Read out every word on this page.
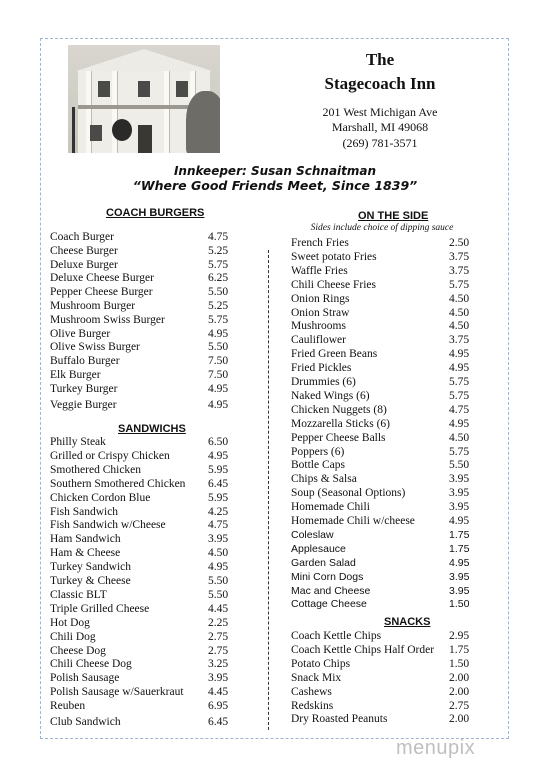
The
Stagecoach Inn
201 West Michigan Ave
Marshall, MI 49068
(269) 781-3571
Innkeeper: Susan Schnaitman
“Where Good Friends Meet, Since 1839”
COACH BURGERS
Coach Burger	4.75
Cheese Burger	5.25
Deluxe Burger	5.75
Deluxe Cheese Burger	6.25
Pepper Cheese Burger	5.50
Mushroom Burger	5.25
Mushroom Swiss Burger	5.75
Olive Burger	4.95
Olive Swiss Burger	5.50
Buffalo Burger	7.50
Elk Burger	7.50
Turkey Burger	4.95
Veggie Burger	4.95
SANDWICHS
Philly Steak	6.50
Grilled or Crispy Chicken	4.95
Smothered Chicken	5.95
Southern Smothered Chicken 6.45
Chicken Cordon Blue	5.95
Fish Sandwich	4.25
Fish Sandwich w/Cheese	4.75
Ham Sandwich	3.95
Ham & Cheese	4.50
Turkey Sandwich	4.95
Turkey & Cheese	5.50
Classic BLT	5.50
Triple Grilled Cheese	4.45
Hot Dog	2.25
Chili Dog	2.75
Cheese Dog	2.75
Chili Cheese Dog	3.25
Polish Sausage	3.95
Polish Sausage w/Sauerkraut 4.45
Reuben	6.95
Club Sandwich	6.45
ON THE SIDE
Sides include choice of dipping sauce
French Fries	2.50
Sweet potato Fries	3.75
Waffle Fries	3.75
Chili Cheese Fries	5.75
Onion Rings	4.50
Onion Straw	4.50
Mushrooms	4.50
Cauliflower	3.75
Fried Green Beans	4.95
Fried Pickles	4.95
Drummies (6)	5.75
Naked Wings (6)	5.75
Chicken Nuggets (8)	4.75
Mozzarella Sticks (6)	4.95
Pepper Cheese Balls	4.50
Poppers (6)	5.75
Bottle Caps	5.50
Chips & Salsa	3.95
Soup (Seasonal Options)	3.95
Homemade Chili	3.95
Homemade Chili w/cheese	4.95
Coleslaw	1.75
Applesauce	1.75
Garden Salad	4.95
Mini Corn Dogs	3.95
Mac and Cheese	3.95
Cottage Cheese	1.50
SNACKS
Coach Kettle Chips	2.95
Coach Kettle Chips Half Order 1.75
Potato Chips	1.50
Snack Mix	2.00
Cashews	2.00
Redskins	2.75
Dry Roasted Peanuts	2.00
menupix
